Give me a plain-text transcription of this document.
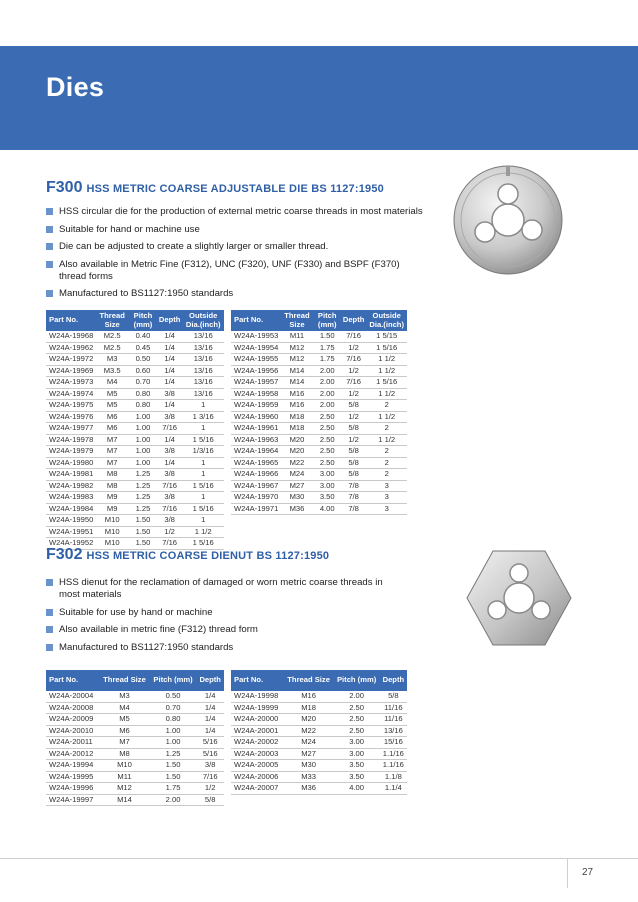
Dies
F300 HSS METRIC COARSE ADJUSTABLE DIE BS 1127:1950
HSS circular die for the production of external metric coarse threads in most materials
Suitable for hand or machine use
Die can be adjusted to create a slightly larger or smaller thread.
Also available in Metric Fine (F312), UNC (F320), UNF (F330) and BSPF (F370) thread forms
Manufactured to BS1127:1950 standards
Part No.	Thread Size	Pitch (mm)	Depth	Outside Dia.(inch)
W24A-19968	M2.5	0.40	1/4	13/16
W24A-19962	M2.5	0.45	1/4	13/16
W24A-19972	M3	0.50	1/4	13/16
W24A-19969	M3.5	0.60	1/4	13/16
W24A-19973	M4	0.70	1/4	13/16
W24A-19974	M5	0.80	3/8	13/16
W24A-19975	M5	0.80	1/4	1
W24A-19976	M6	1.00	3/8	1 3/16
W24A-19977	M6	1.00	7/16	1
W24A-19978	M7	1.00	1/4	1 5/16
W24A-19979	M7	1.00	3/8	1/3/16
W24A-19980	M7	1.00	1/4	1
W24A-19981	M8	1.25	3/8	1
W24A-19982	M8	1.25	7/16	1 5/16
W24A-19983	M9	1.25	3/8	1
W24A-19984	M9	1.25	7/16	1 5/16
W24A-19950	M10	1.50	3/8	1
W24A-19951	M10	1.50	1/2	1 1/2
W24A-19952	M10	1.50	7/16	1 5/16
Part No.	Thread Size	Pitch (mm)	Depth	Outside Dia.(inch)
W24A-19953	M11	1.50	7/16	1 5/15
W24A-19954	M12	1.75	1/2	1 5/16
W24A-19955	M12	1.75	7/16	1 1/2
W24A-19956	M14	2.00	1/2	1 1/2
W24A-19957	M14	2.00	7/16	1 5/16
W24A-19958	M16	2.00	1/2	1 1/2
W24A-19959	M16	2.00	5/8	2
W24A-19960	M18	2.50	1/2	1 1/2
W24A-19961	M18	2.50	5/8	2
W24A-19963	M20	2.50	1/2	1 1/2
W24A-19964	M20	2.50	5/8	2
W24A-19965	M22	2.50	5/8	2
W24A-19966	M24	3.00	5/8	2
W24A-19967	M27	3.00	7/8	3
W24A-19970	M30	3.50	7/8	3
W24A-19971	M36	4.00	7/8	3
F302 HSS METRIC COARSE DIENUT BS 1127:1950
HSS dienut for the reclamation of damaged or worn metric coarse threads in most materials
Suitable for use by hand or machine
Also available in metric fine (F312) thread form
Manufactured to BS1127:1950 standards
Part No.	Thread Size	Pitch (mm)	Depth
W24A-20004	M3	0.50	1/4
W24A-20008	M4	0.70	1/4
W24A-20009	M5	0.80	1/4
W24A-20010	M6	1.00	1/4
W24A-20011	M7	1.00	5/16
W24A-20012	M8	1.25	5/16
W24A-19994	M10	1.50	3/8
W24A-19995	M11	1.50	7/16
W24A-19996	M12	1.75	1/2
W24A-19997	M14	2.00	5/8
Part No.	Thread Size	Pitch (mm)	Depth
W24A-19998	M16	2.00	5/8
W24A-19999	M18	2.50	11/16
W24A-20000	M20	2.50	11/16
W24A-20001	M22	2.50	13/16
W24A-20002	M24	3.00	15/16
W24A-20003	M27	3.00	1.1/16
W24A-20005	M30	3.50	1.1/16
W24A-20006	M33	3.50	1.1/8
W24A-20007	M36	4.00	1.1/4
27
